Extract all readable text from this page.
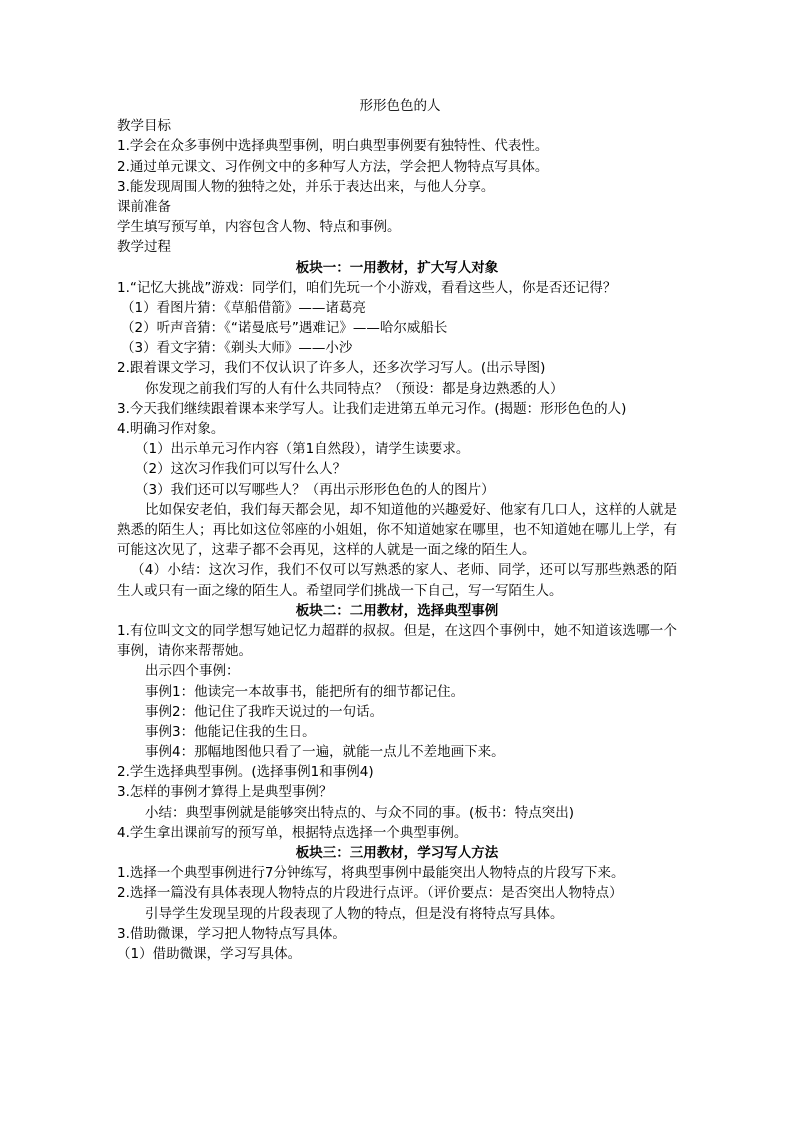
形形色色的人
教学目标
1.学会在众多事例中选择典型事例，明白典型事例要有独特性、代表性。
2.通过单元课文、习作例文中的多种写人方法，学会把人物特点写具体。
3.能发现周围人物的独特之处，并乐于表达出来，与他人分享。
课前准备
学生填写预写单，内容包含人物、特点和事例。
教学过程
板块一：一用教材，扩大写人对象
1.“记忆大挑战”游戏：同学们，咱们先玩一个小游戏，看看这些人，你是否还记得？
（1）看图片猜：《草船借箭》——诸葛亮
（2）听声音猜：《“诺曼底号”遇难记》——哈尔威船长
（3）看文字猜：《剃头大师》——小沙
2.跟着课文学习，我们不仅认识了许多人，还多次学习写人。(出示导图)
你发现之前我们写的人有什么共同特点？（预设：都是身边熟悉的人）
3.今天我们继续跟着课本来学写人。让我们走进第五单元习作。(揭题：形形色色的人)
4.明确习作对象。
（1）出示单元习作内容（第1自然段），请学生读要求。
（2）这次习作我们可以写什么人？
（3）我们还可以写哪些人？（再出示形形色色的人的图片）
比如保安老伯，我们每天都会见，却不知道他的兴趣爱好、他家有几口人，这样的人就是熟悉的陌生人；再比如这位邻座的小姐姐，你不知道她家在哪里，也不知道她在哪儿上学，有可能这次见了，这辈子都不会再见，这样的人就是一面之缘的陌生人。
（4）小结：这次习作，我们不仅可以写熟悉的家人、老师、同学，还可以写那些熟悉的陌生人或只有一面之缘的陌生人。希望同学们挑战一下自己，写一写陌生人。
板块二：二用教材，选择典型事例
1.有位叫文文的同学想写她记忆力超群的叔叔。但是，在这四个事例中，她不知道该选哪一个事例，请你来帮帮她。
出示四个事例：
事例1：他读完一本故事书，能把所有的细节都记住。
事例2：他记住了我昨天说过的一句话。
事例3：他能记住我的生日。
事例4：那幅地图他只看了一遍，就能一点儿不差地画下来。
2.学生选择典型事例。(选择事例1和事例4)
3.怎样的事例才算得上是典型事例？
小结：典型事例就是能够突出特点的、与众不同的事。(板书：特点突出)
4.学生拿出课前写的预写单，根据特点选择一个典型事例。
板块三：三用教材，学习写人方法
1.选择一个典型事例进行7分钟练写，将典型事例中最能突出人物特点的片段写下来。
2.选择一篇没有具体表现人物特点的片段进行点评。（评价要点：是否突出人物特点）
引导学生发现呈现的片段表现了人物的特点，但是没有将特点写具体。
3.借助微课，学习把人物特点写具体。
（1）借助微课，学习写具体。
